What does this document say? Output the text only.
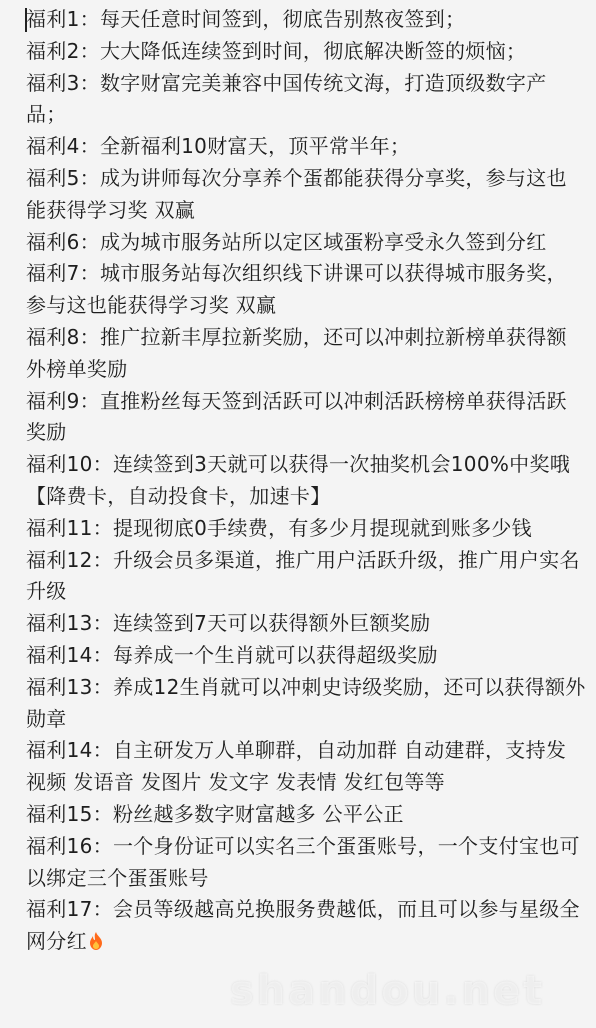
福利1：每天任意时间签到，彻底告别熬夜签到；
福利2：大大降低连续签到时间，彻底解决断签的烦恼；
福利3：数字财富完美兼容中国传统文海，打造顶级数字产品；
福利4：全新福利10财富天，顶平常半年；
福利5：成为讲师每次分享养个蛋都能获得分享奖，参与这也能获得学习奖 双赢
福利6：成为城市服务站所以定区域蛋粉享受永久签到分红
福利7：城市服务站每次组织线下讲课可以获得城市服务奖，参与这也能获得学习奖 双赢
福利8：推广拉新丰厚拉新奖励，还可以冲刺拉新榜单获得额外榜单奖励
福利9：直推粉丝每天签到活跃可以冲刺活跃榜榜单获得活跃奖励
福利10：连续签到3天就可以获得一次抽奖机会100%中奖哦【降费卡，自动投食卡，加速卡】
福利11：提现彻底0手续费，有多少月提现就到账多少钱
福利12：升级会员多渠道，推广用户活跃升级，推广用户实名升级
福利13：连续签到7天可以获得额外巨额奖励
福利14：每养成一个生肖就可以获得超级奖励
福利13：养成12生肖就可以冲刺史诗级奖励，还可以获得额外勋章
福利14：自主研发万人单聊群，自动加群 自动建群，支持发视频 发语音 发图片 发文字 发表情 发红包等等
福利15：粉丝越多数字财富越多 公平公正
福利16：一个身份证可以实名三个蛋蛋账号，一个支付宝也可以绑定三个蛋蛋账号
福利17：会员等级越高兑换服务费越低，而且可以参与星级全网分红
shandou.net
